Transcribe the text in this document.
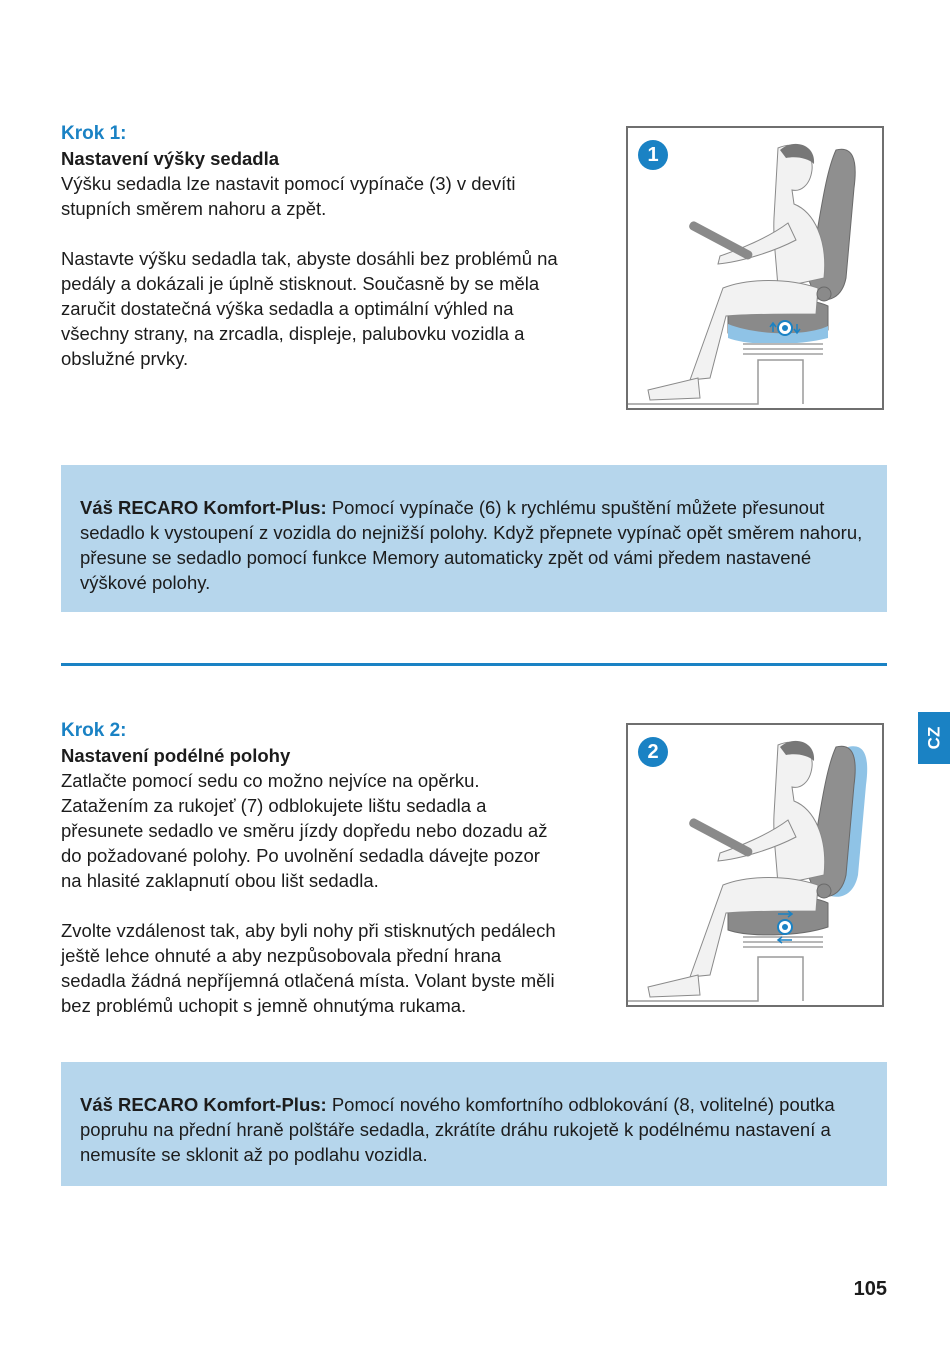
Krok 1:
Nastavení výšky sedadla

Výšku sedadla lze nastavit pomocí vypínače (3) v devíti stupních směrem nahoru a zpět.

Nastavte výšku sedadla tak, abyste dosáhli bez problémů na pedály a dokázali je úplně stisknout. Současně by se měla zaručit dostatečná výška sedadla a optimální výhled na všechny strany, na zrcadla, displeje, palubovku vozidla a obslužné prvky.

1
Váš RECARO Komfort-Plus: Pomocí vypínače (6) k rychlému spuštění můžete přesunout sedadlo k vystoupení z vozidla do nejnižší polohy. Když přepnete vypínač opět směrem nahoru, přesune se sedadlo pomocí funkce Memory automaticky zpět od vámi předem nastavené výškové polohy.
Krok 2:
Nastavení podélné polohy

Zatlačte pomocí sedu co možno nejvíce na opěrku. Zatažením za rukojeť (7) odblokujete lištu sedadla a přesunete sedadlo ve směru jízdy dopředu nebo dozadu až do požadované polohy. Po uvolnění sedadla dávejte pozor na hlasité zaklapnutí obou lišt sedadla.

Zvolte vzdálenost tak, aby byli nohy při stisknutých pedálech ještě lehce ohnuté a aby nezpůsobovala přední hrana sedadla žádná nepříjemná otlačená místa. Volant byste měli bez problémů uchopit s jemně ohnutýma rukama.

2
Váš RECARO Komfort-Plus: Pomocí nového komfortního odblokování (8, volitelné) poutka popruhu na přední hraně polštáře sedadla, zkrátíte dráhu rukojetě k podélnému nastavení a nemusíte se sklonit až po podlahu vozidla.
CZ
105
